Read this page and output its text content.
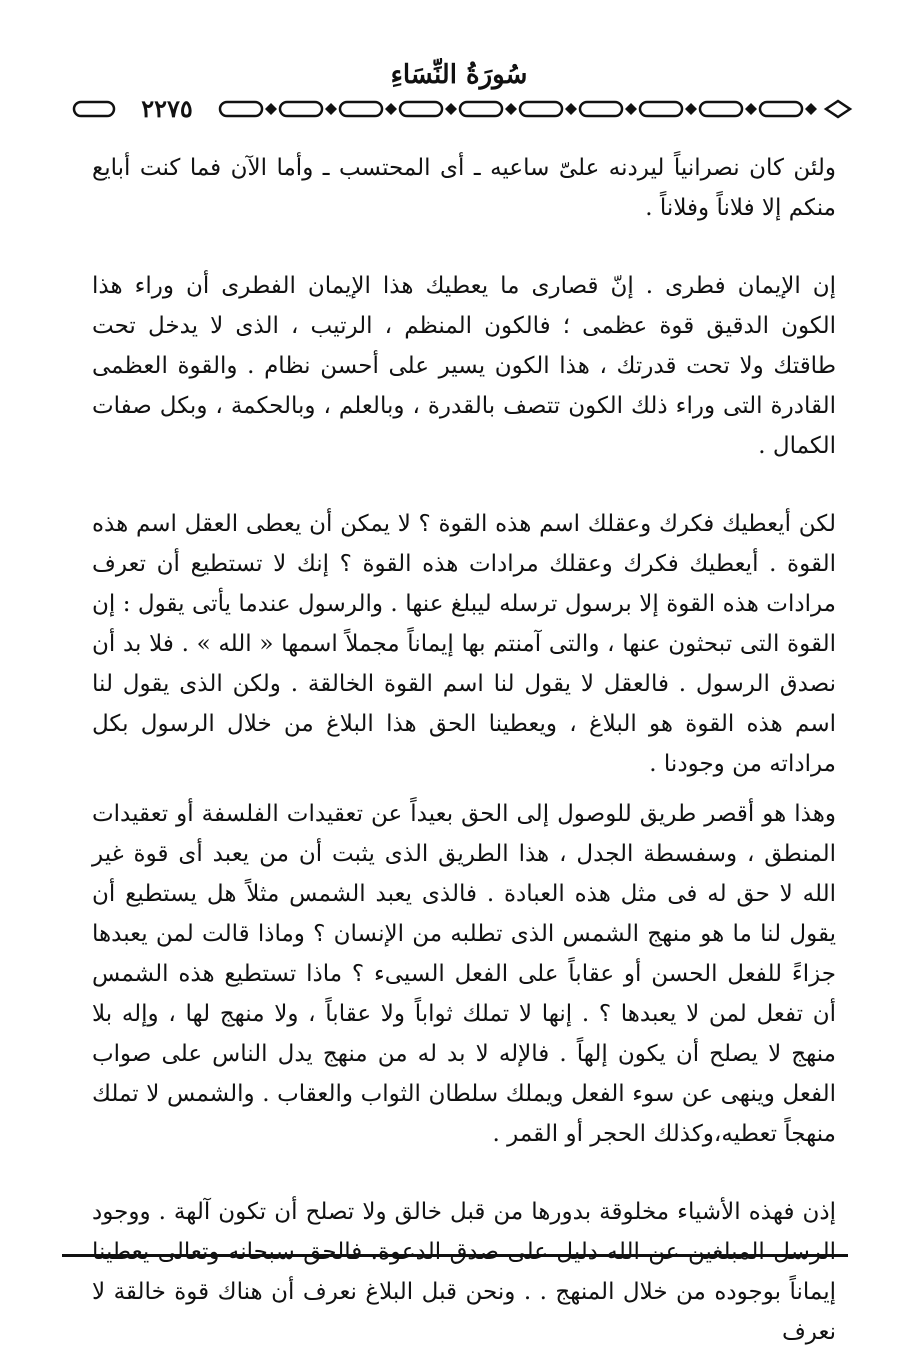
سُورَةُ النِّسَاءِ
٢٢٧٥

ولئن كان نصرانياً ليردنه علىّ ساعيه ـ أى المحتسب ـ وأما الآن فما كنت أبايع منكم إلا فلاناً وفلاناً .

إن الإيمان فطرى . إنّ قصارى ما يعطيك هذا الإيمان الفطرى أن وراء هذا الكون الدقيق قوة عظمى ؛ فالكون المنظم ، الرتيب ، الذى لا يدخل تحت طاقتك ولا تحت قدرتك ، هذا الكون يسير على أحسن نظام . والقوة العظمى القادرة التى وراء ذلك الكون تتصف بالقدرة ، وبالعلم ، وبالحكمة ، وبكل صفات الكمال .

لكن أيعطيك فكرك وعقلك اسم هذه القوة ؟ لا يمكن أن يعطى العقل اسم هذه القوة . أيعطيك فكرك وعقلك مرادات هذه القوة ؟ إنك لا تستطيع أن تعرف مرادات هذه القوة إلا برسول ترسله ليبلغ عنها . والرسول عندما يأتى يقول : إن القوة التى تبحثون عنها ، والتى آمنتم بها إيماناً مجملاً اسمها « الله » . فلا بد أن نصدق الرسول . فالعقل لا يقول لنا اسم القوة الخالقة . ولكن الذى يقول لنا اسم هذه القوة هو البلاغ ، ويعطينا الحق هذا البلاغ من خلال الرسول بكل مراداته من وجودنا .

وهذا هو أقصر طريق للوصول إلى الحق بعيداً عن تعقيدات الفلسفة أو تعقيدات المنطق ، وسفسطة الجدل ، هذا الطريق الذى يثبت أن من يعبد أى قوة غير الله لا حق له فى مثل هذه العبادة . فالذى يعبد الشمس مثلاً هل يستطيع أن يقول لنا ما هو منهج الشمس الذى تطلبه من الإنسان ؟ وماذا قالت لمن يعبدها جزاءً للفعل الحسن أو عقاباً على الفعل السيىء ؟ ماذا تستطيع هذه الشمس أن تفعل لمن لا يعبدها ؟ . إنها لا تملك ثواباً ولا عقاباً ، ولا منهج لها ، وإله بلا منهج لا يصلح أن يكون إلهاً . فالإله لا بد له من منهج يدل الناس على صواب الفعل وينهى عن سوء الفعل ويملك سلطان الثواب والعقاب . والشمس لا تملك منهجاً تعطيه،وكذلك الحجر أو القمر .

إذن فهذه الأشياء مخلوقة بدورها من قبل خالق ولا تصلح أن تكون آلهة . ووجود الرسل المبلغين عن الله دليل على صدق الدعوة. فالحق سبحانه وتعالى يعطينا إيماناً بوجوده من خلال المنهج . . ونحن قبل البلاغ نعرف أن هناك قوة خالقة لا نعرف
